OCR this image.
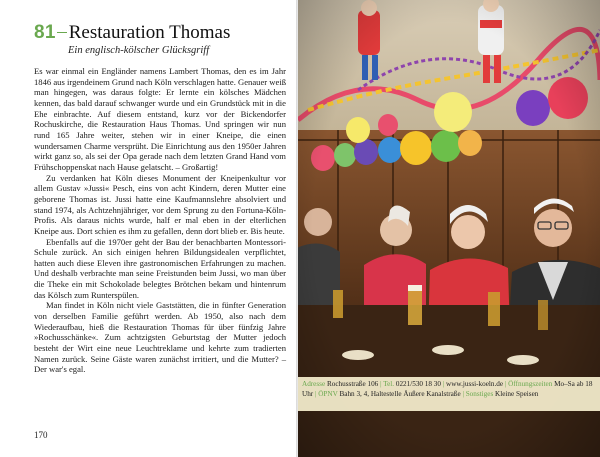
81 Restauration Thomas
Ein englisch-kölscher Glücksgriff

Es war einmal ein Engländer namens Lambert Thomas, den es im Jahr 1846 aus irgendeinem Grund nach Köln verschlagen hatte. Genauer weiß man hingegen, was daraus folgte: Er lernte ein kölsches Mädchen kennen, das bald darauf schwanger wurde und ein Grundstück mit in die Ehe einbrachte. Auf diesem entstand, kurz vor der Bickendorfer Rochuskirche, die Restauration Haus Thomas. Und springen wir nun rund 165 Jahre weiter, stehen wir in einer Kneipe, die einen wundersamen Charme versprüht. Die Einrichtung aus den 1950er Jahren wirkt ganz so, als sei der Opa gerade nach dem letzten Grand Hand vom Frühschoppenskat nach Hause gelatscht. – Großartig!

Zu verdanken hat Köln dieses Monument der Kneipenkultur vor allem Gustav »Jussi« Pesch, eins von acht Kindern, deren Mutter eine geborene Thomas ist. Jussi hatte eine Kaufmannslehre absolviert und stand 1974, als Achtzehnjähriger, vor dem Sprung zu den Fortuna-Köln-Profis. Als daraus nichts wurde, half er mal eben in der elterlichen Kneipe aus. Dort schien es ihm zu gefallen, denn dort blieb er. Bis heute.

Ebenfalls auf die 1970er geht der Bau der benachbarten Montessori-Schule zurück. An sich einigen hehren Bildungsidealen verpflichtet, hatten auch diese Eleven ihre gastronomischen Erfahrungen zu machen. Und deshalb verbrachte man seine Freistunden beim Jussi, wo man über die Theke ein mit Schokolade belegtes Brötchen bekam und hintenrum das Kölsch zum Runterspülen.

Man findet in Köln nicht viele Gaststätten, die in fünfter Generation von derselben Familie geführt werden. Ab 1950, also nach dem Wiederaufbau, hieß die Restauration Thomas für über fünfzig Jahre »Rochusschänke«. Zum achtzigsten Geburtstag der Mutter jedoch besteht der Wirt eine neue Leuchtreklame und kehrte zum tradierten Namen zurück. Seine Gäste waren zunächst irritiert, und die Mutter? – Der war's egal.

170
Adresse Rochusstraße 106 | Tel. 0221/530 18 30 | www.jussi-koeln.de | Öffnungszeiten Mo–Sa ab 18 Uhr | ÖPNV Bahn 3, 4, Haltestelle Äußere Kanalstraße | Sonstiges Kleine Speisen
